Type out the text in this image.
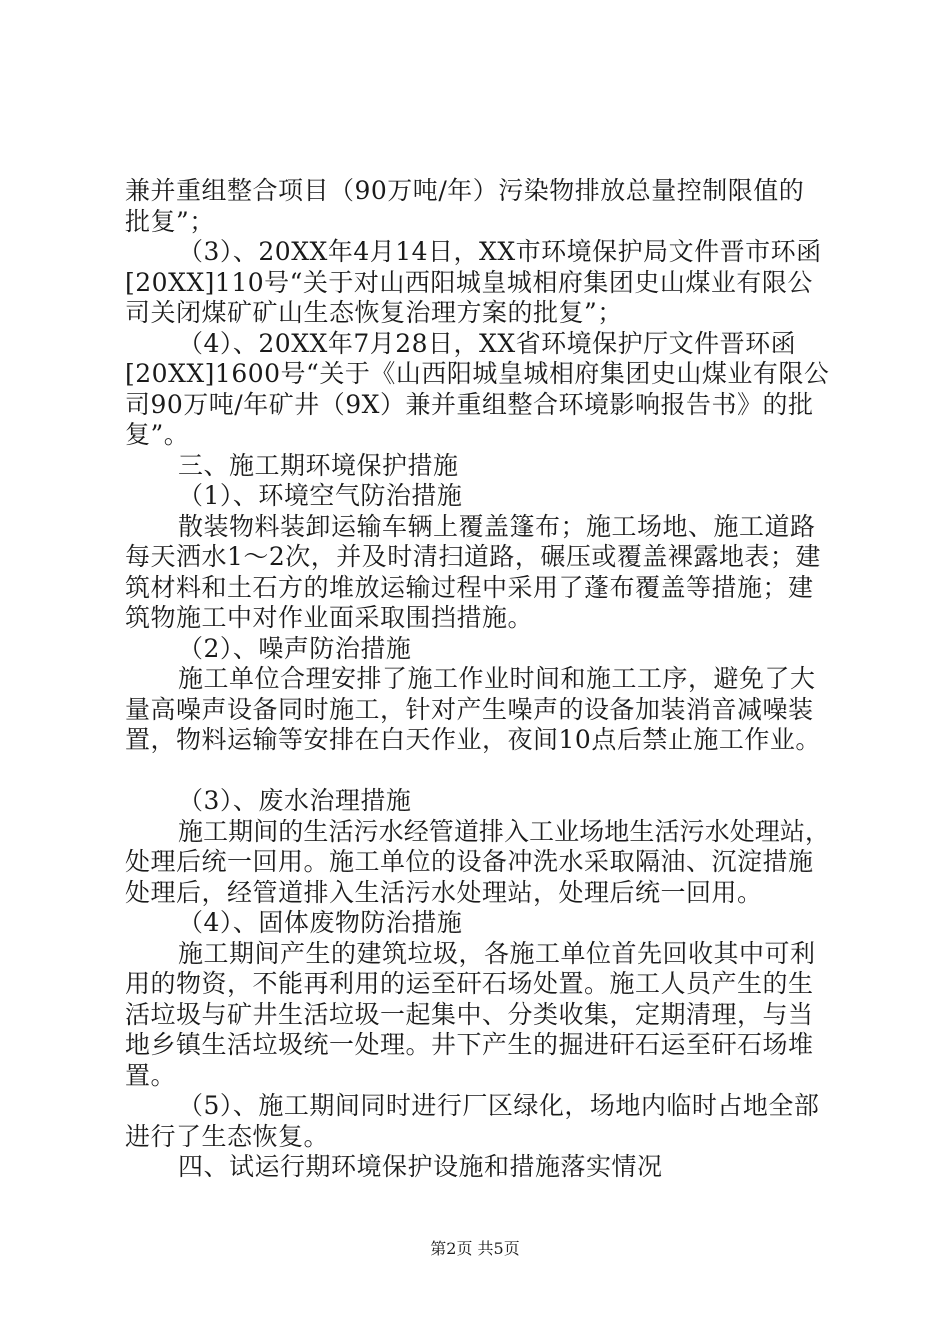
兼并重组整合项目（90万吨/年）污染物排放总量控制限值的
批复”；
（3）、20XX年4月14日，XX市环境保护局文件晋市环函
[20XX]110号“关于对山西阳城皇城相府集团史山煤业有限公
司关闭煤矿矿山生态恢复治理方案的批复”；
（4）、20XX年7月28日，XX省环境保护厅文件晋环函
[20XX]1600号“关于《山西阳城皇城相府集团史山煤业有限公
司90万吨/年矿井（9X）兼并重组整合环境影响报告书》的批
复”。
三、施工期环境保护措施
（1）、环境空气防治措施
散装物料装卸运输车辆上覆盖篷布；施工场地、施工道路
每天洒水1～2次，并及时清扫道路，碾压或覆盖裸露地表；建
筑材料和土石方的堆放运输过程中采用了蓬布覆盖等措施；建
筑物施工中对作业面采取围挡措施。
（2）、噪声防治措施
施工单位合理安排了施工作业时间和施工工序，避免了大
量高噪声设备同时施工，针对产生噪声的设备加装消音减噪装
置，物料运输等安排在白天作业，夜间10点后禁止施工作业。
（3）、废水治理措施
施工期间的生活污水经管道排入工业场地生活污水处理站，
处理后统一回用。施工单位的设备冲洗水采取隔油、沉淀措施
处理后，经管道排入生活污水处理站，处理后统一回用。
（4）、固体废物防治措施
施工期间产生的建筑垃圾，各施工单位首先回收其中可利
用的物资，不能再利用的运至矸石场处置。施工人员产生的生
活垃圾与矿井生活垃圾一起集中、分类收集，定期清理，与当
地乡镇生活垃圾统一处理。井下产生的掘进矸石运至矸石场堆
置。
（5）、施工期间同时进行厂区绿化，场地内临时占地全部
进行了生态恢复。
四、试运行期环境保护设施和措施落实情况
第2页 共5页
